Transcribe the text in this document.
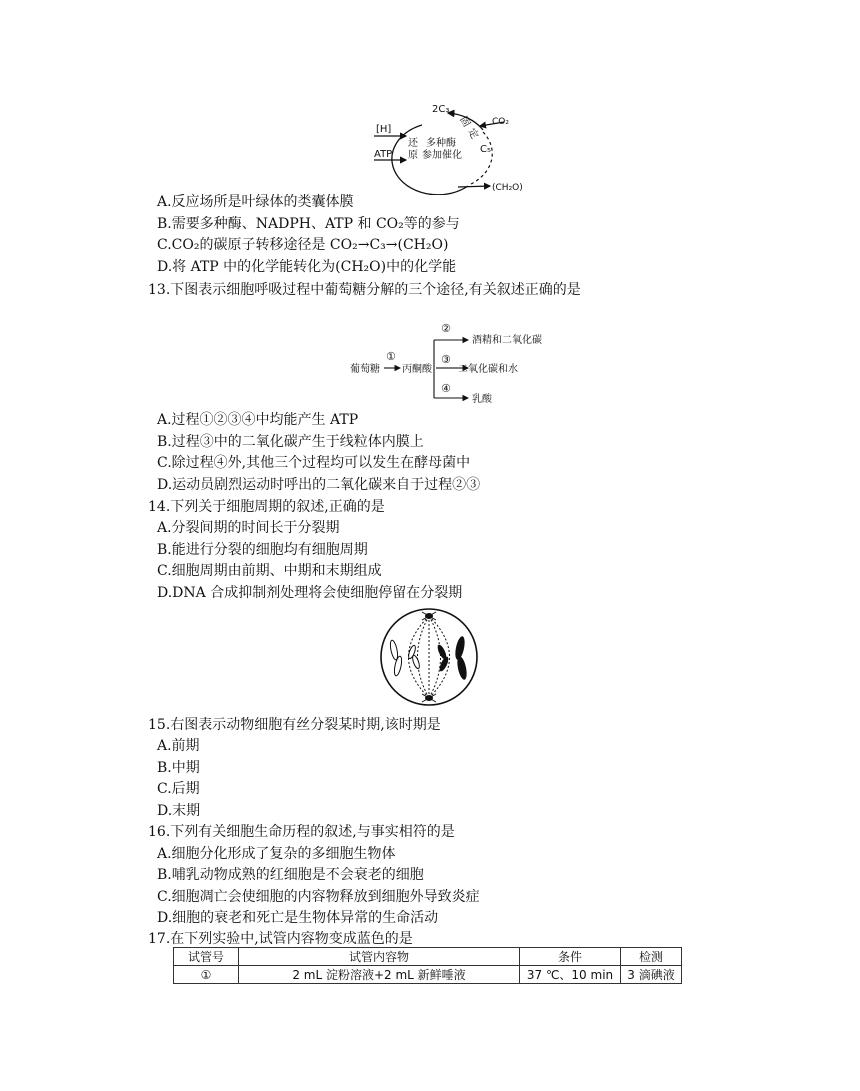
2C₃
CO₂
[H]
ATP
还
原
多种酶
参加催化
C₅
(CH₂O)
固
定
A.反应场所是叶绿体的类囊体膜
B.需要多种酶、NADPH、ATP 和 CO₂等的参与
C.CO₂的碳原子转移途径是 CO₂→C₃→(CH₂O)
D.将 ATP 中的化学能转化为(CH₂O)中的化学能
13.下图表示细胞呼吸过程中葡萄糖分解的三个途径,有关叙述正确的是
葡萄糖
①
丙酮酸
②
③
④
酒精和二氧化碳
二氧化碳和水
乳酸
A.过程①②③④中均能产生 ATP
B.过程③中的二氧化碳产生于线粒体内膜上
C.除过程④外,其他三个过程均可以发生在酵母菌中
D.运动员剧烈运动时呼出的二氧化碳来自于过程②③
14.下列关于细胞周期的叙述,正确的是
A.分裂间期的时间长于分裂期
B.能进行分裂的细胞均有细胞周期
C.细胞周期由前期、中期和末期组成
D.DNA 合成抑制剂处理将会使细胞停留在分裂期
15.右图表示动物细胞有丝分裂某时期,该时期是
A.前期
B.中期
C.后期
D.末期
16.下列有关细胞生命历程的叙述,与事实相符的是
A.细胞分化形成了复杂的多细胞生物体
B.哺乳动物成熟的红细胞是不会衰老的细胞
C.细胞凋亡会使细胞的内容物释放到细胞外导致炎症
D.细胞的衰老和死亡是生物体异常的生命活动
17.在下列实验中,试管内容物变成蓝色的是
试管号	试管内容物	条件	检测
①	2 mL 淀粉溶液+2 mL 新鲜唾液	37 ℃、10 min	3 滴碘液
